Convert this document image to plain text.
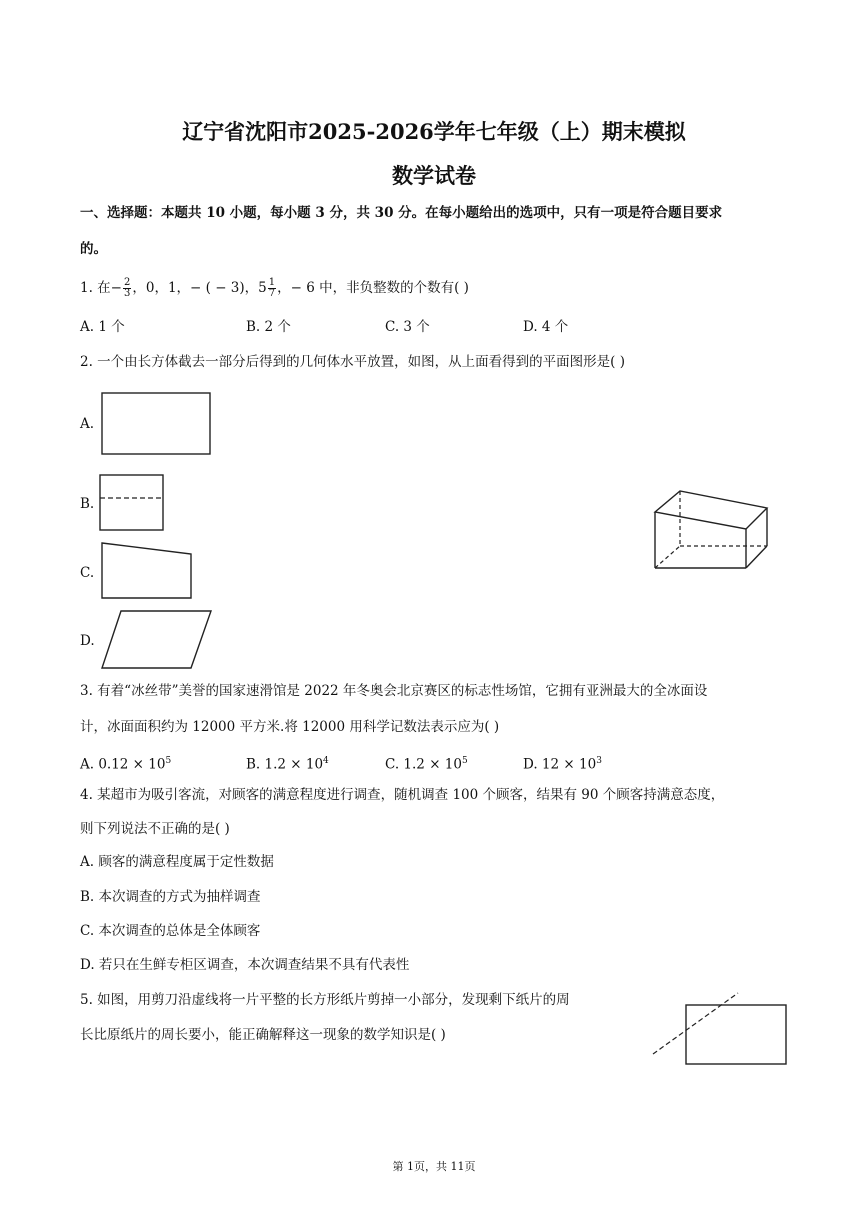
辽宁省沈阳市2025-2026学年七年级（上）期末模拟
数学试卷
一、选择题：本题共 10 小题，每小题 3 分，共 30 分。在每小题给出的选项中，只有一项是符合题目要求
的。
1. 在− $\frac{2}{3}$ ，0，1，− ( − 3)，$5 \frac{1}{7}$ ，− 6 中，非负整数的个数有( )
A. 1 个	B. 2 个	C. 3 个	D. 4 个
2. 一个由长方体截去一部分后得到的几何体水平放置，如图，从上面看得到的平面图形是( )
A.
B.
C.
D.
3. 有着“冰丝带”美誉的国家速滑馆是 2022 年冬奥会北京赛区的标志性场馆，它拥有亚洲最大的全冰面设
计，冰面面积约为 12000 平方米.将 12000 用科学记数法表示应为( )
A. $0.12 \times 10^5$	B. $1.2 \times 10^4$	C. $1.2 \times 10^5$	D. $12 \times 10^3$
4. 某超市为吸引客流，对顾客的满意程度进行调查，随机调查 100 个顾客，结果有 90 个顾客持满意态度，
则下列说法不正确的是( )
A. 顾客的满意程度属于定性数据
B. 本次调查的方式为抽样调查
C. 本次调查的总体是全体顾客
D. 若只在生鲜专柜区调查，本次调查结果不具有代表性
5. 如图，用剪刀沿虚线将一片平整的长方形纸片剪掉一小部分，发现剩下纸片的周
长比原纸片的周长要小，能正确解释这一现象的数学知识是( )
第 1页，共 11页
